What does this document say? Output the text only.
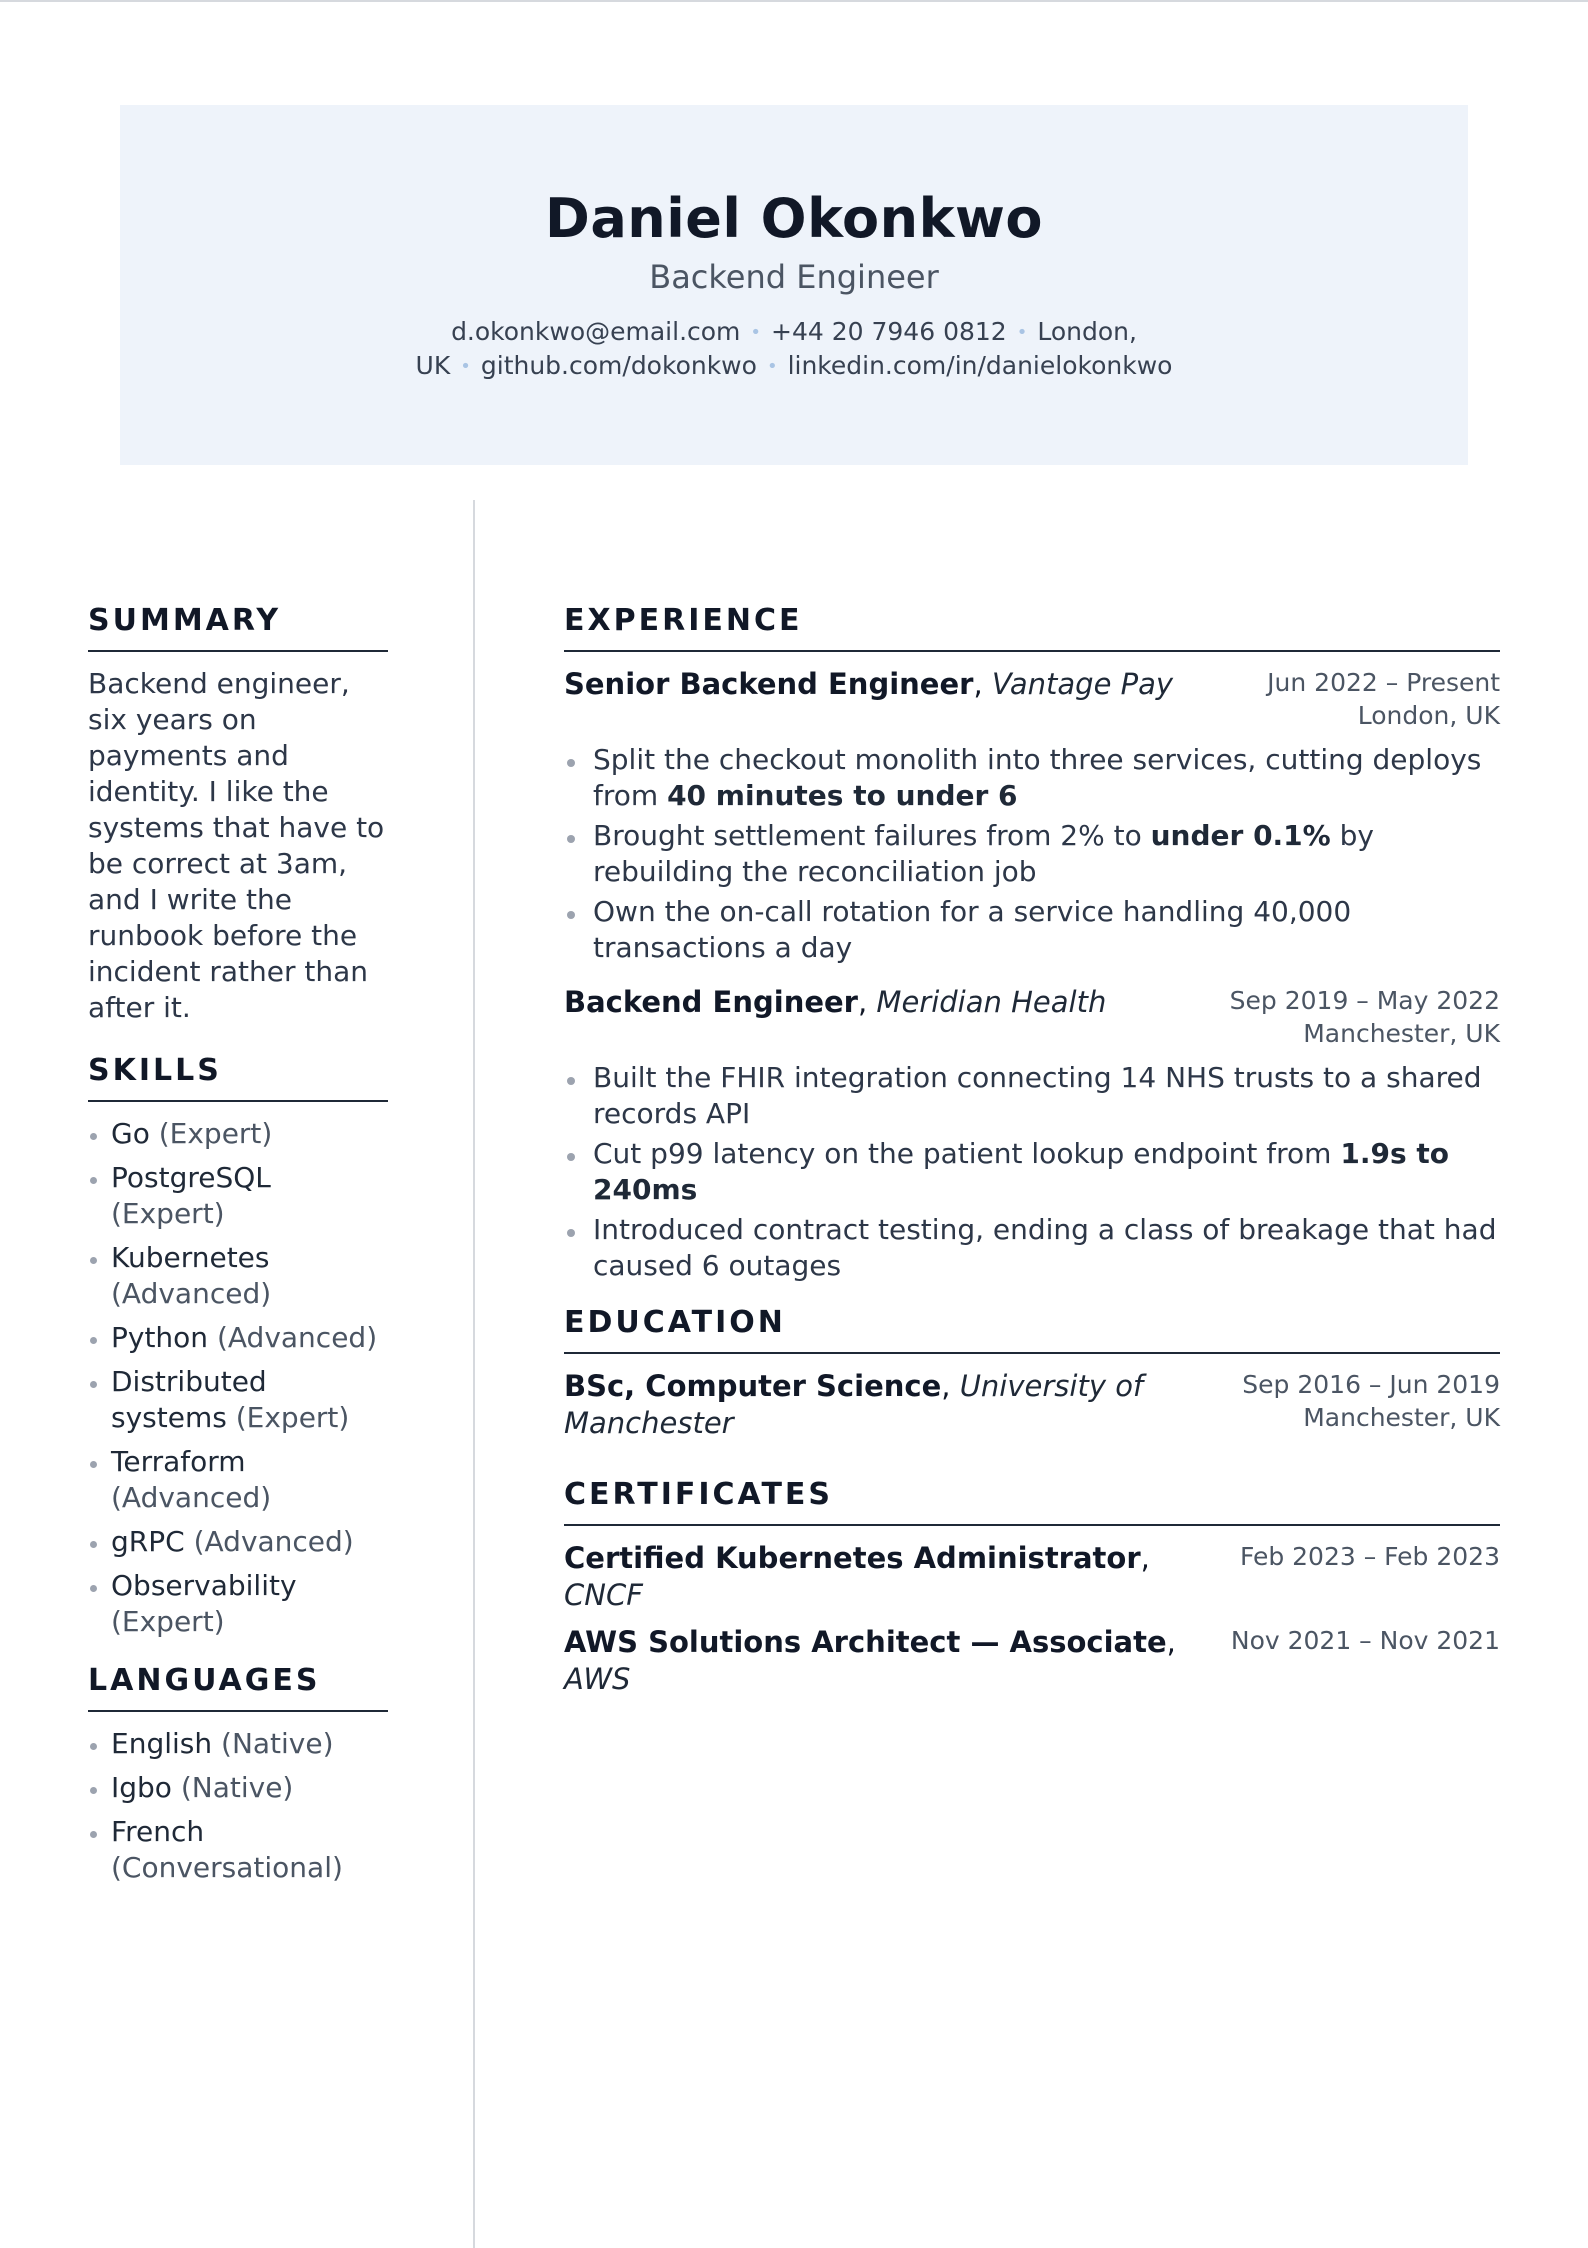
Daniel Okonkwo
Backend Engineer
d.okonkwo@email.com • +44 20 7946 0812 • London, UK • github.com/dokonkwo • linkedin.com/in/danielokonkwo
SUMMARY

Backend engineer, six years on payments and identity. I like the systems that have to be correct at 3am, and I write the runbook before the incident rather than after it.

SKILLS
Go (Expert)
PostgreSQL (Expert)
Kubernetes (Advanced)
Python (Advanced)
Distributed systems (Expert)
Terraform (Advanced)
gRPC (Advanced)
Observability (Expert)
LANGUAGES
English (Native)
Igbo (Native)
French (Conversational)
EXPERIENCE
Senior Backend Engineer, Vantage Pay	Jun 2022 – Present
London, UK
Split the checkout monolith into three services, cutting deploys from 40 minutes to under 6
Brought settlement failures from 2% to under 0.1% by rebuilding the reconciliation job
Own the on-call rotation for a service handling 40,000 transactions a day
Backend Engineer, Meridian Health	Sep 2019 – May 2022
Manchester, UK
Built the FHIR integration connecting 14 NHS trusts to a shared records API
Cut p99 latency on the patient lookup endpoint from 1.9s to 240ms
Introduced contract testing, ending a class of breakage that had caused 6 outages
EDUCATION
BSc, Computer Science, University of Manchester
Sep 2016 – Jun 2019
Manchester, UK
CERTIFICATES
Certified Kubernetes Administrator, CNCF
Feb 2023 – Feb 2023
AWS Solutions Architect — Associate, AWS
Nov 2021 – Nov 2021
